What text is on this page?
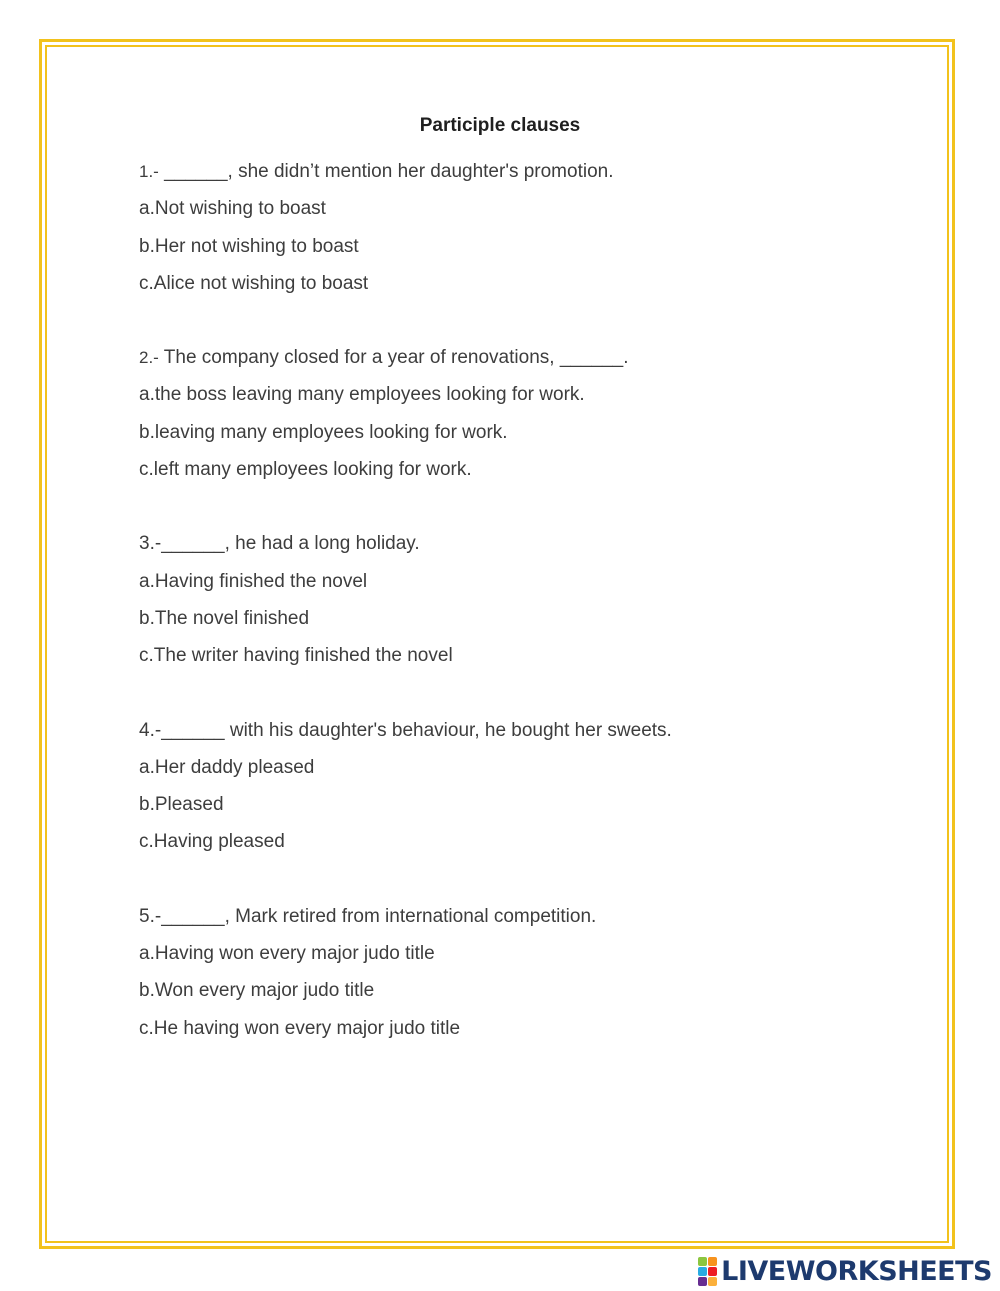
Participle clauses
1.- ______, she didn’t mention her daughter's promotion.
a.Not wishing to boast
b.Her not wishing to boast
c.Alice not wishing to boast
2.- The company closed for a year of renovations, ______.
a.the boss leaving many employees looking for work.
b.leaving many employees looking for work.
c.left many employees looking for work.
3.-______, he had a long holiday.
a.Having finished the novel
b.The novel finished
c.The writer having finished the novel
4.-______ with his daughter's behaviour, he bought her sweets.
a.Her daddy pleased
b.Pleased
c.Having pleased
5.-______, Mark retired from international competition.
a.Having won every major judo title
b.Won every major judo title
c.He having won every major judo title
LIVEWORKSHEETS
